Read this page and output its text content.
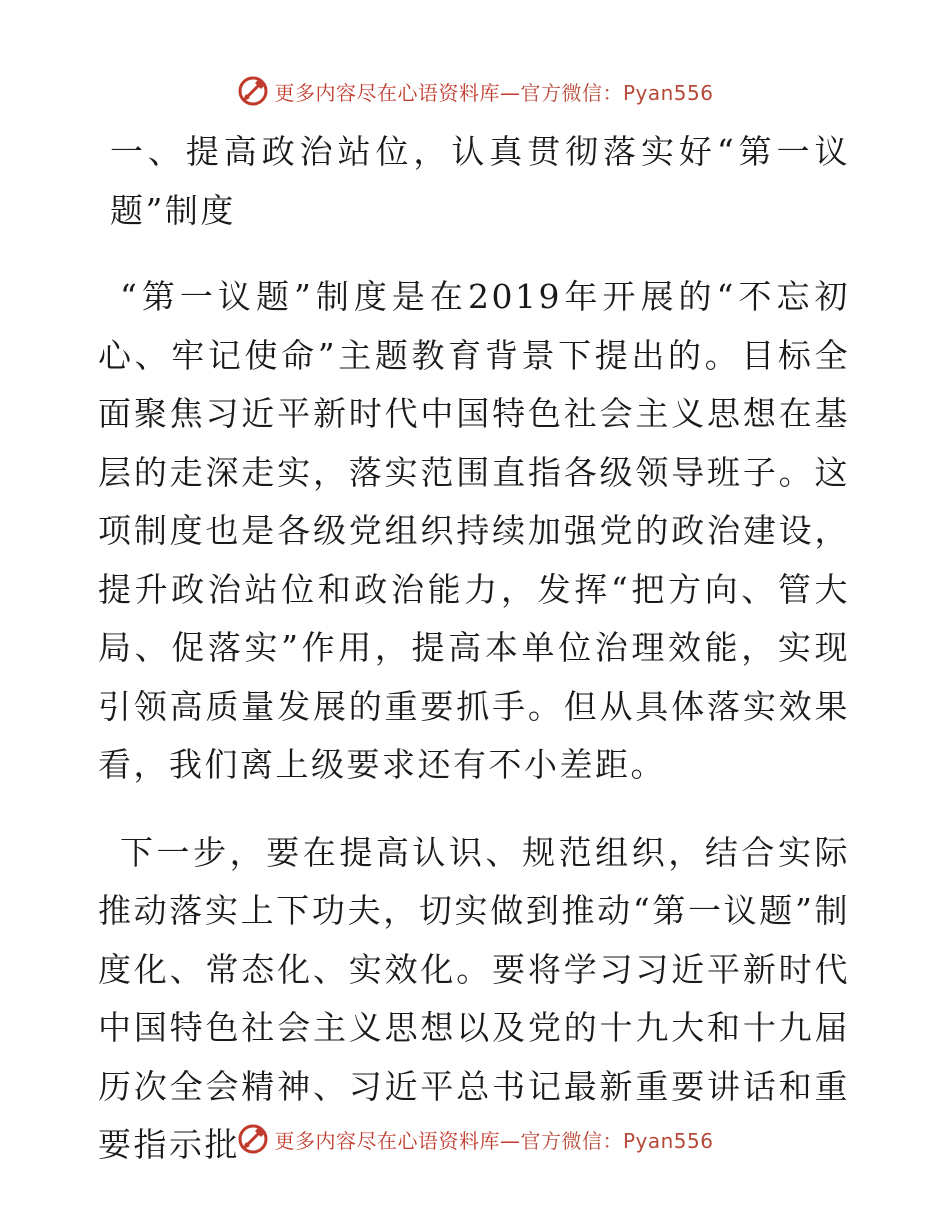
更多内容尽在心语资料库— 官方微信：Pyan556

一、提高政治站位，认真贯彻落实好“第一议题”制度

“第一议题”制度是在2019年开展的“不忘初心、牢记使命”主题教育背景下提出的。目标全面聚焦习近平新时代中国特色社会主义思想在基层的走深走实，落实范围直指各级领导班子。这项制度也是各级党组织持续加强党的政治建设，提升政治站位和政治能力，发挥“把方向、管大局、促落实”作用，提高本单位治理效能，实现引领高质量发展的重要抓手。但从具体落实效果看，我们离上级要求还有不小差距。

下一步，要在提高认识、规范组织，结合实际推动落实上下功夫，切实做到推动“第一议题”制度化、常态化、实效化。要将学习习近平新时代中国特色社会主义思想以及党的十九大和十九届历次全会精神、习近平总书记最新重要讲话和重要指示批	更多内容尽在心语资料库— 官方微信：Pyan556
